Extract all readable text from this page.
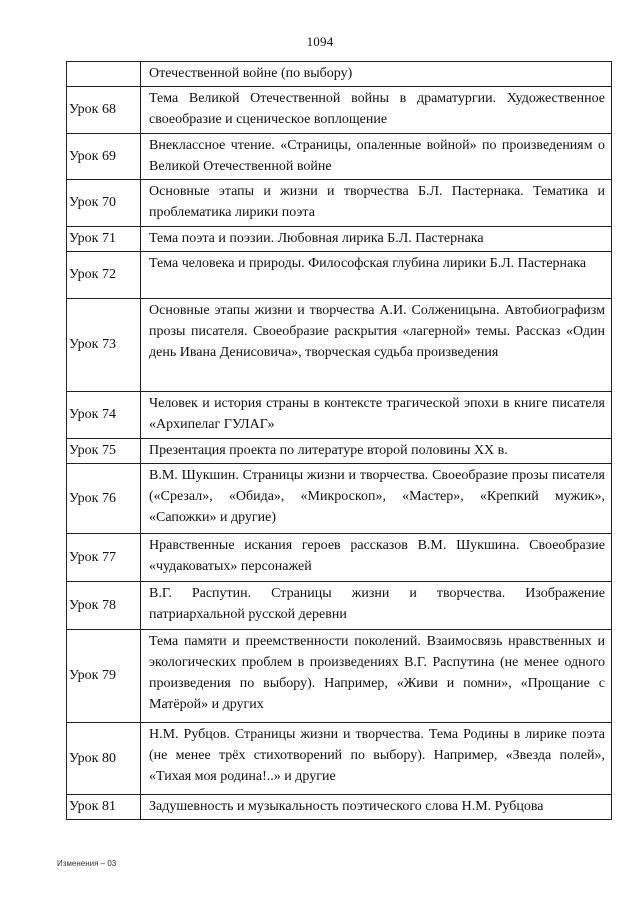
1094
	Отечественной войне (по выбору)
Урок 68	Тема Великой Отечественной войны в драматургии. Художественное своеобразие и сценическое воплощение
Урок 69	Внеклассное чтение. «Страницы, опаленные войной» по произведениям о Великой Отечественной войне
Урок 70	Основные этапы и жизни и творчества Б.Л. Пастернака. Тематика и проблематика лирики поэта
Урок 71	Тема поэта и поэзии. Любовная лирика Б.Л. Пастернака
Урок 72	Тема человека и природы. Философская глубина лирики Б.Л. Пастернака
Урок 73	Основные этапы жизни и творчества А.И. Солженицына. Автобиографизм прозы писателя. Своеобразие раскрытия «лагерной» темы. Рассказ «Один день Ивана Денисовича», творческая судьба произведения
Урок 74	Человек и история страны в контексте трагической эпохи в книге писателя «Архипелаг ГУЛАГ»
Урок 75	Презентация проекта по литературе второй половины XX в.
Урок 76	В.М. Шукшин. Страницы жизни и творчества. Своеобразие прозы писателя («Срезал», «Обида», «Микроскоп», «Мастер», «Крепкий мужик», «Сапожки» и другие)
Урок 77	Нравственные искания героев рассказов В.М. Шукшина. Своеобразие «чудаковатых» персонажей
Урок 78	В.Г. Распутин. Страницы жизни и творчества. Изображение патриархальной русской деревни
Урок 79	Тема памяти и преемственности поколений. Взаимосвязь нравственных и экологических проблем в произведениях В.Г. Распутина (не менее одного произведения по выбору). Например, «Живи и помни», «Прощание с Матёрой» и других
Урок 80	Н.М. Рубцов. Страницы жизни и творчества. Тема Родины в лирике поэта (не менее трёх стихотворений по выбору). Например, «Звезда полей», «Тихая моя родина!..» и другие
Урок 81	Задушевность и музыкальность поэтического слова Н.М. Рубцова
Изменения – 03
